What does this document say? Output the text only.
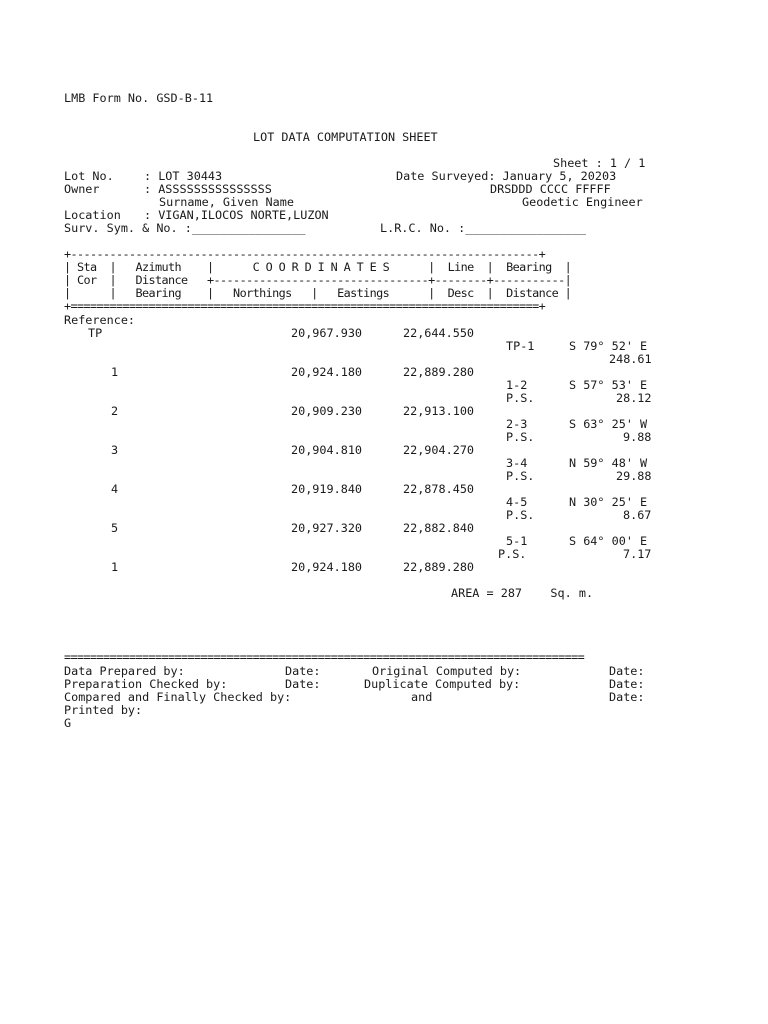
LMB Form No. GSD-B-11

LOT DATA COMPUTATION SHEET

Sheet : 1 / 1

Lot No.	: LOT 30443	Date Surveyed: January 5, 20203

Owner	: ASSSSSSSSSSSSSSS	DRSDDD CCCC FFFFF

Surname, Given Name	Geodetic Engineer

Location : VIGAN,ILOCOS NORTE,LUZON

Surv. Sym. & No. :________________	L.R.C. No. :_________________

+------------------------------------------------------------------------+

| Sta  |   Azimuth    |      C O O R D I N A T E S      |  Line  |  Bearing  |

| Cor  |   Distance   +---------------------------------+--------+-----------|

|      |   Bearing    |   Northings   |   Eastings      |  Desc  |  Distance |

+========================================================================+

Reference:

TP	20,967.930	22,644.550

TP-1	S 79° 52' E

248.61

1	20,924.180	22,889.280

1-2	S 57° 53' E

P.S.	28.12

2	20,909.230	22,913.100

2-3	S 63° 25' W

P.S.	9.88

3	20,904.810	22,904.270

3-4	N 59° 48' W

P.S.	29.88

4	20,919.840	22,878.450

4-5	N 30° 25' E

P.S.	8.67

5	20,927.320	22,882.840

5-1	S 64° 00' E

P.S.	7.17

1	20,924.180	22,889.280

AREA = 287    Sq. m.

================================================================================

Data Prepared by:	Date:	Original Computed by:	Date:

Preparation Checked by:	Date:	Duplicate Computed by:	Date:

Compared and Finally Checked by:	and	Date:

Printed by:

G
